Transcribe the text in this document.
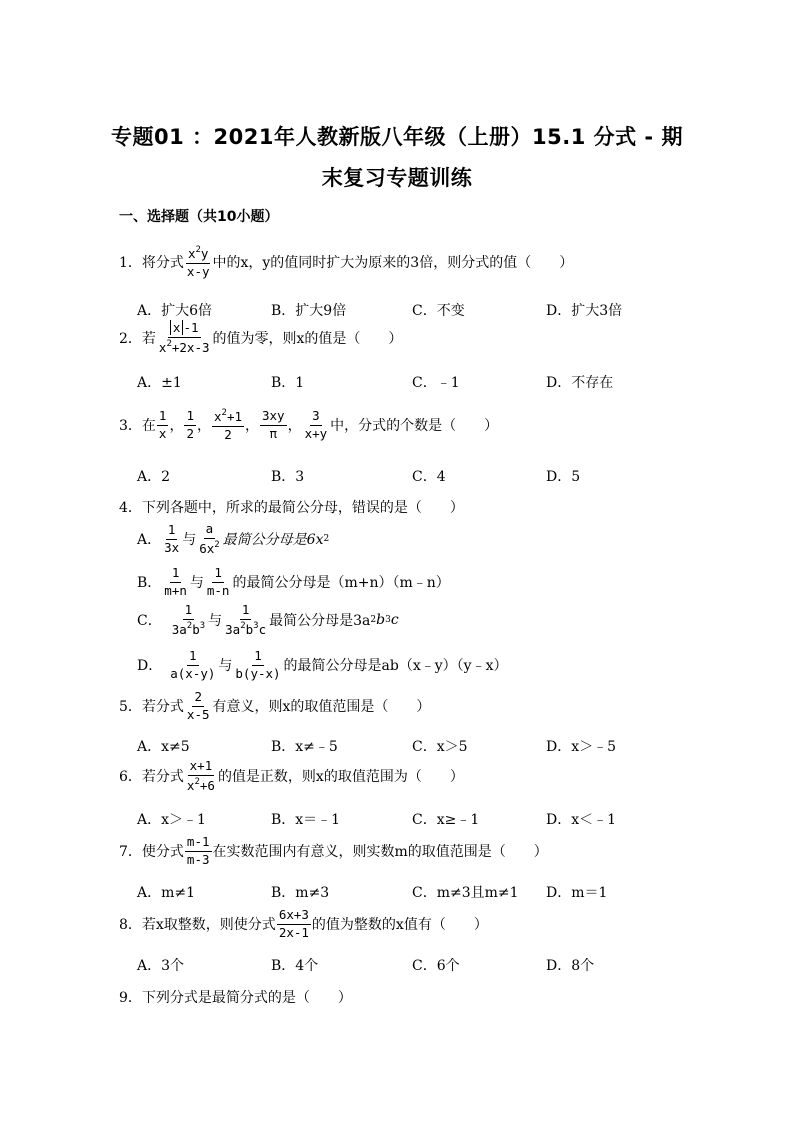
专题01 ：2021年人教新版八年级（上册）15.1 分式 - 期
末复习专题训练
一、选择题（共10小题）
1．将分式 $\frac{x^2y}{x-y}$ 中的x，y的值同时扩大为原来的3倍，则分式的值（　　）
A．扩大6倍	B．扩大9倍	C．不变	D．扩大3倍
2．若 $\frac{x -1}{x^2+2x-3}$ 的值为零，则x的值是（　　）
A．±1	B．1	C．﹣1	D．不存在
3．在 $\frac{1}{x}$ ， $\frac{1}{2}$ ， $\frac{x^2+1}{2}$ ， $\frac{3xy}{\pi}$ ， $\frac{3}{x+y}$ 中，分式的个数是（　　）
A．2	B．3	C．4	D．5
4．下列各题中，所求的最简公分母，错误的是（　　）
A． $\frac{1}{3x}$ 与 $\frac{a}{6x^2}$ 最简公分母是6x 2
B． $\frac{1}{m+n}$ 与 $\frac{1}{m-n}$ 的最简公分母是（m+n）（m﹣n）
C． $\frac{1}{3a^2b^3}$ 与 $\frac{1}{3a^2b^3c}$ 最简公分母是3a 2 b 3 c
D． $\frac{1}{a(x-y)}$ 与 $\frac{1}{b(y-x)}$ 的最简公分母是ab（x﹣y）（y﹣x）
5．若分式 $\frac{2}{x-5}$ 有意义，则x的取值范围是（　　）
A．x≠5	B．x≠﹣5	C．x＞5	D．x＞﹣5
6．若分式 $\frac{x+1}{x^2+6}$ 的值是正数，则x的取值范围为（　　）
A．x＞﹣1	B．x＝﹣1	C．x≥﹣1	D．x＜﹣1
7．使分式 $\frac{m-1}{m-3}$ 在实数范围内有意义，则实数m的取值范围是（　　）
A．m≠1	B．m≠3	C．m≠3且m≠1 D．m＝1
8．若x取整数，则使分式 $\frac{6x+3}{2x-1}$ 的值为整数的x值有（　　）
A．3个	B．4个	C．6个	D．8个
9．下列分式是最简分式的是（　　）
